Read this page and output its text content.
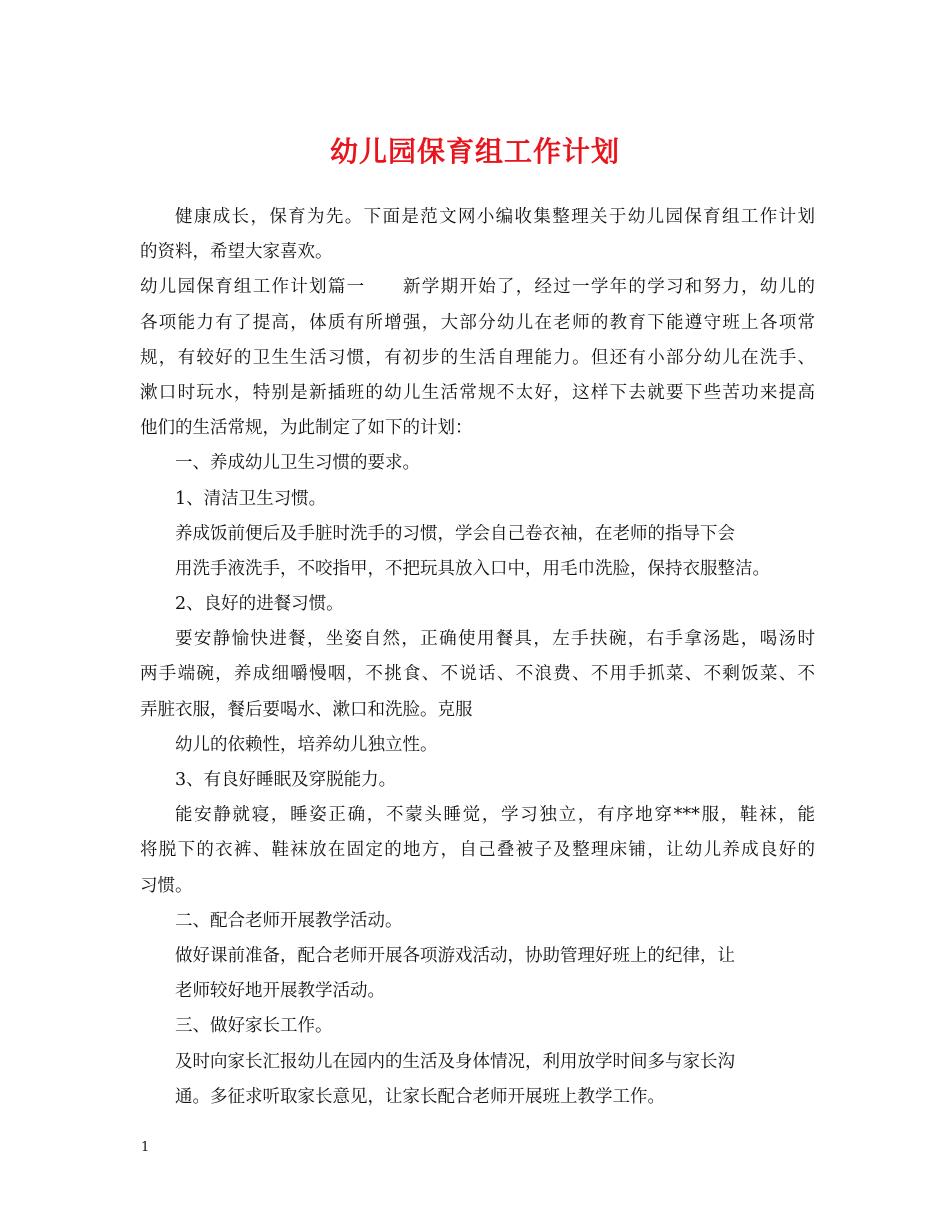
幼儿园保育组工作计划
健康成长，保育为先。下面是范文网小编收集整理关于幼儿园保育组工作计划
的资料，希望大家喜欢。
幼儿园保育组工作计划篇一　　新学期开始了，经过一学年的学习和努力，幼儿的
各项能力有了提高，体质有所增强，大部分幼儿在老师的教育下能遵守班上各项常
规，有较好的卫生生活习惯，有初步的生活自理能力。但还有小部分幼儿在洗手、
漱口时玩水，特别是新插班的幼儿生活常规不太好，这样下去就要下些苦功来提高
他们的生活常规，为此制定了如下的计划：
一、养成幼儿卫生习惯的要求。
1、清洁卫生习惯。
养成饭前便后及手脏时洗手的习惯，学会自己卷衣袖，在老师的指导下会
用洗手液洗手，不咬指甲，不把玩具放入口中，用毛巾洗脸，保持衣服整洁。
2、良好的进餐习惯。
要安静愉快进餐，坐姿自然，正确使用餐具，左手扶碗，右手拿汤匙，喝汤时
两手端碗，养成细嚼慢咽，不挑食、不说话、不浪费、不用手抓菜、不剩饭菜、不
弄脏衣服，餐后要喝水、漱口和洗脸。克服
幼儿的依赖性，培养幼儿独立性。
3、有良好睡眠及穿脱能力。
能安静就寝，睡姿正确，不蒙头睡觉，学习独立，有序地穿***服，鞋袜，能
将脱下的衣裤、鞋袜放在固定的地方，自己叠被子及整理床铺，让幼儿养成良好的
习惯。
二、配合老师开展教学活动。
做好课前准备，配合老师开展各项游戏活动，协助管理好班上的纪律，让
老师较好地开展教学活动。
三、做好家长工作。
及时向家长汇报幼儿在园内的生活及身体情况，利用放学时间多与家长沟
通。多征求听取家长意见，让家长配合老师开展班上教学工作。
1
